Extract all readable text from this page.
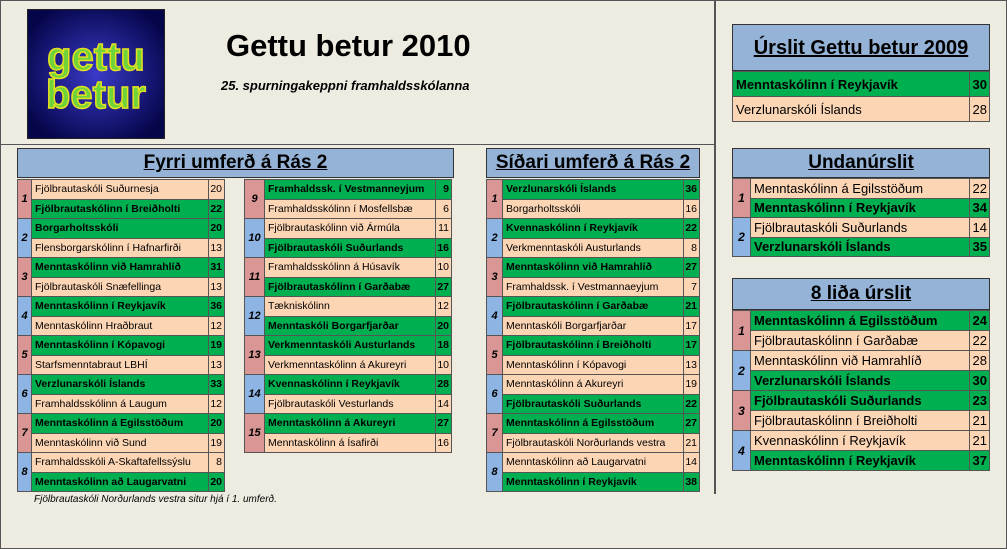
gettu
betur
Gettu betur 2010
25. spurningakeppni framhaldsskólanna
Fyrri umferð á Rás 2
1	Fjölbrautaskóli Suðurnesja	20
	Fjölbrautaskólinn í Breiðholti	22
2	Borgarholtsskóli	20
	Flensborgarskólinn í Hafnarfirði	13
3	Menntaskólinn við Hamrahlíð	31
	Fjölbrautaskóli Snæfellinga	13
4	Menntaskólinn í Reykjavík	36
	Menntaskólinn Hraðbraut	12
5	Menntaskólinn í Kópavogi	19
	Starfsmenntabraut LBHÍ	13
6	Verzlunarskóli Íslands	33
	Framhaldsskólinn á Laugum	12
7	Menntaskólinn á Egilsstöðum	20
	Menntaskólinn við Sund	19
8	Framhaldsskóli A-Skaftafellssýslu	8
	Menntaskólinn að Laugarvatni	20
9	Framhaldssk. í Vestmanneyjum	9
	Framhaldsskólinn í Mosfellsbæ	6
10	Fjölbrautaskólinn við Ármúla	11
	Fjölbrautaskóli Suðurlands	16
11	Framhaldsskólinn á Húsavík	10
	Fjölbrautaskólinn í Garðabæ	27
12	Tækniskólinn	12
	Menntaskóli Borgarfjarðar	20
13	Verkmenntaskóli Austurlands	18
	Verkmenntaskólinn á Akureyri	10
14	Kvennaskólinn í Reykjavík	28
	Fjölbrautaskóli Vesturlands	14
15	Menntaskólinn á Akureyri	27
	Menntaskólinn á Ísafirði	16
Síðari umferð á Rás 2
1	Verzlunarskóli Íslands	36
	Borgarholtsskóli	16
2	Kvennaskólinn í Reykjavík	22
	Verkmenntaskóli Austurlands	8
3	Menntaskólinn við Hamrahlíð	27
	Framhaldssk. í Vestmannaeyjum	7
4	Fjölbrautaskólinn í Garðabæ	21
	Menntaskóli Borgarfjarðar	17
5	Fjölbrautaskólinn í Breiðholti	17
	Menntaskólinn í Kópavogi	13
6	Menntaskólinn á Akureyri	19
	Fjölbrautaskóli Suðurlands	22
7	Menntaskólinn á Egilsstöðum	27
	Fjölbrautaskóli Norðurlands vestra	21
8	Menntaskólinn að Laugarvatni	14
	Menntaskólinn í Reykjavík	38
Úrslit Gettu betur 2009
Menntaskólinn í Reykjavík	30
Verzlunarskóli Íslands	28
Undanúrslit
1	Menntaskólinn á Egilsstöðum	22
	Menntaskólinn í Reykjavík	34
2	Fjölbrautaskóli Suðurlands	14
	Verzlunarskóli Íslands	35
8 liða úrslit
1	Menntaskólinn á Egilsstöðum	24
	Fjölbrautaskólinn í Garðabæ	22
2	Menntaskólinn við Hamrahlíð	28
	Verzlunarskóli Íslands	30
3	Fjölbrautaskóli Suðurlands	23
	Fjölbrautaskólinn í Breiðholti	21
4	Kvennaskólinn í Reykjavík	21
	Menntaskólinn í Reykjavík	37
Fjölbrautaskóli Norðurlands vestra situr hjá í 1. umferð.
